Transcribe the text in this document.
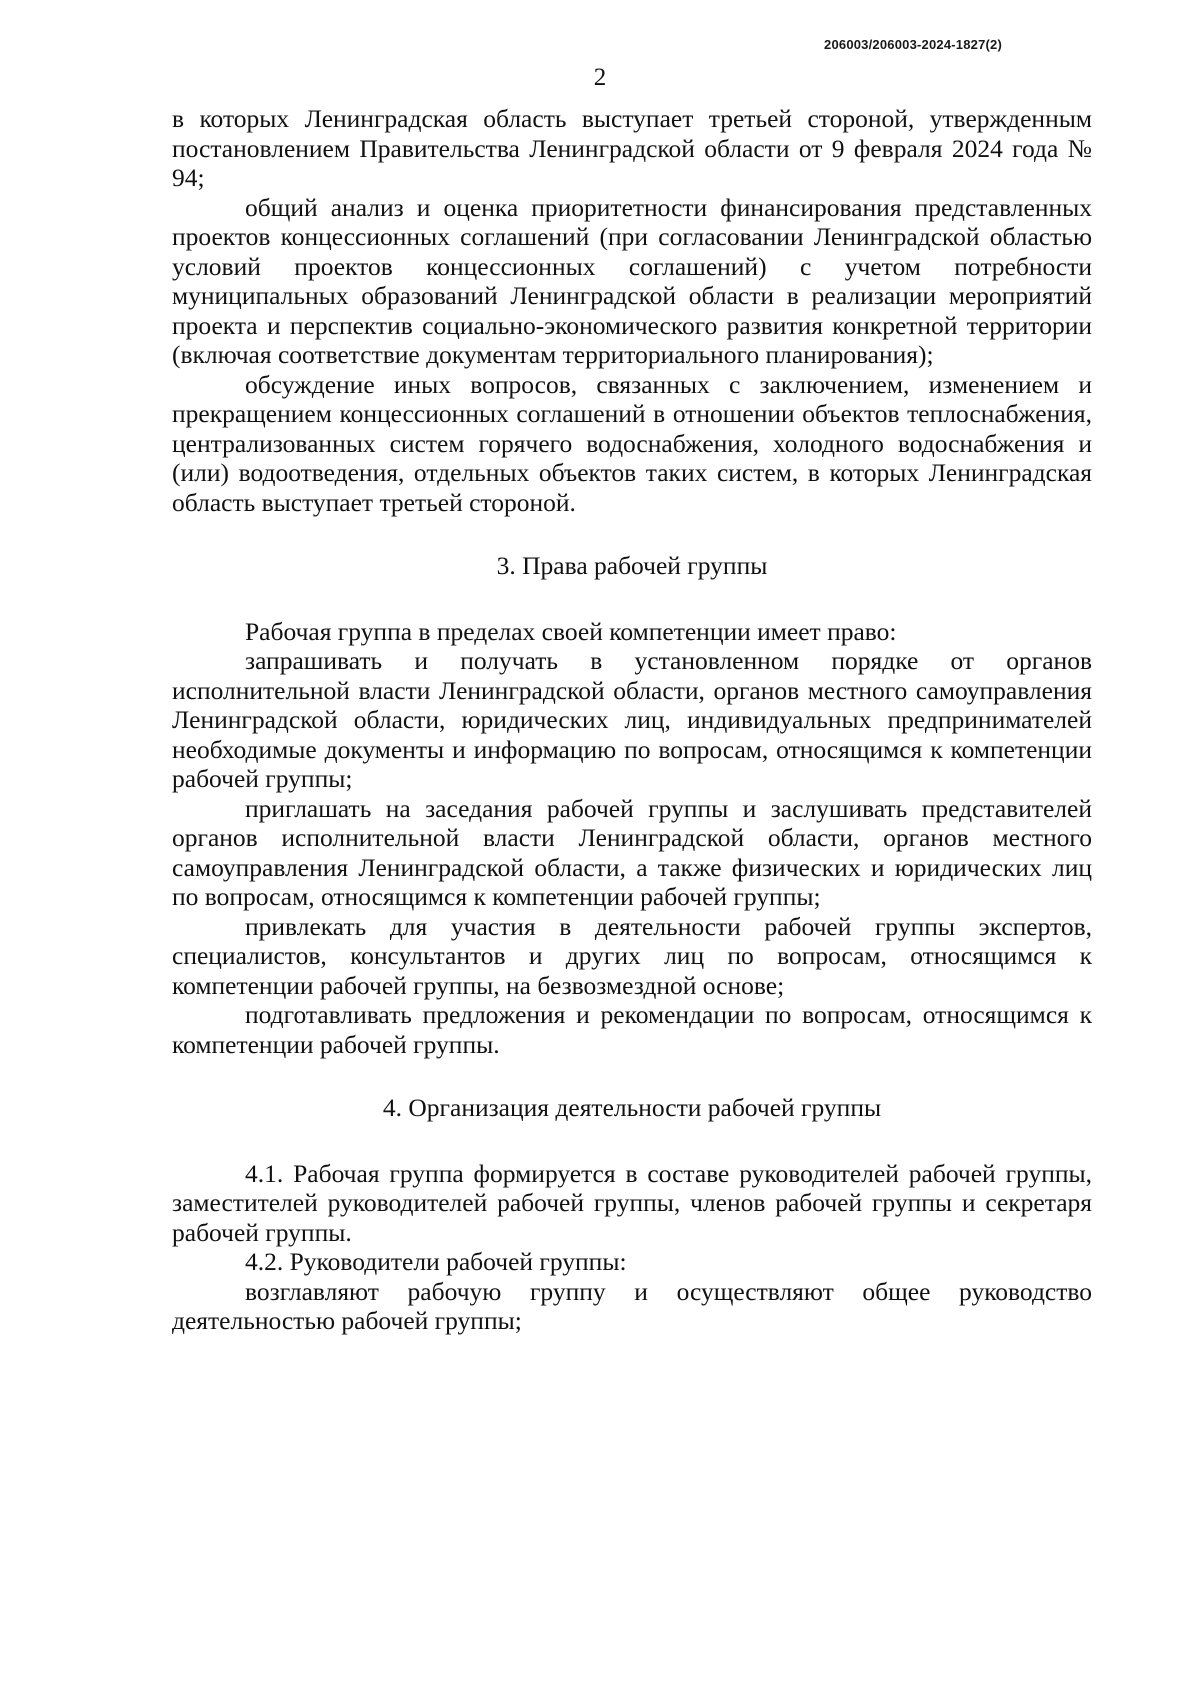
206003/206003-2024-1827(2)
2

в которых Ленинградская область выступает третьей стороной, утвержденным постановлением Правительства Ленинградской области от 9 февраля 2024 года № 94;

общий анализ и оценка приоритетности финансирования представленных проектов концессионных соглашений (при согласовании Ленинградской областью условий проектов концессионных соглашений) с учетом потребности муниципальных образований Ленинградской области в реализации мероприятий проекта и перспектив социально-экономического развития конкретной территории (включая соответствие документам территориального планирования);

обсуждение иных вопросов, связанных с заключением, изменением и прекращением концессионных соглашений в отношении объектов теплоснабжения, централизованных систем горячего водоснабжения, холодного водоснабжения и (или) водоотведения, отдельных объектов таких систем, в которых Ленинградская область выступает третьей стороной.

3. Права рабочей группы

Рабочая группа в пределах своей компетенции имеет право:

запрашивать и получать в установленном порядке от органов исполнительной власти Ленинградской области, органов местного самоуправления Ленинградской области, юридических лиц, индивидуальных предпринимателей необходимые документы и информацию по вопросам, относящимся к компетенции рабочей группы;

приглашать на заседания рабочей группы и заслушивать представителей органов исполнительной власти Ленинградской области, органов местного самоуправления Ленинградской области, а также физических и юридических лиц по вопросам, относящимся к компетенции рабочей группы;

привлекать для участия в деятельности рабочей группы экспертов, специалистов, консультантов и других лиц по вопросам, относящимся к компетенции рабочей группы, на безвозмездной основе;

подготавливать предложения и рекомендации по вопросам, относящимся к компетенции рабочей группы.

4. Организация деятельности рабочей группы

4.1. Рабочая группа формируется в составе руководителей рабочей группы, заместителей руководителей рабочей группы, членов рабочей группы и секретаря рабочей группы.

4.2. Руководители рабочей группы:

возглавляют рабочую группу и осуществляют общее руководство деятельностью рабочей группы;
